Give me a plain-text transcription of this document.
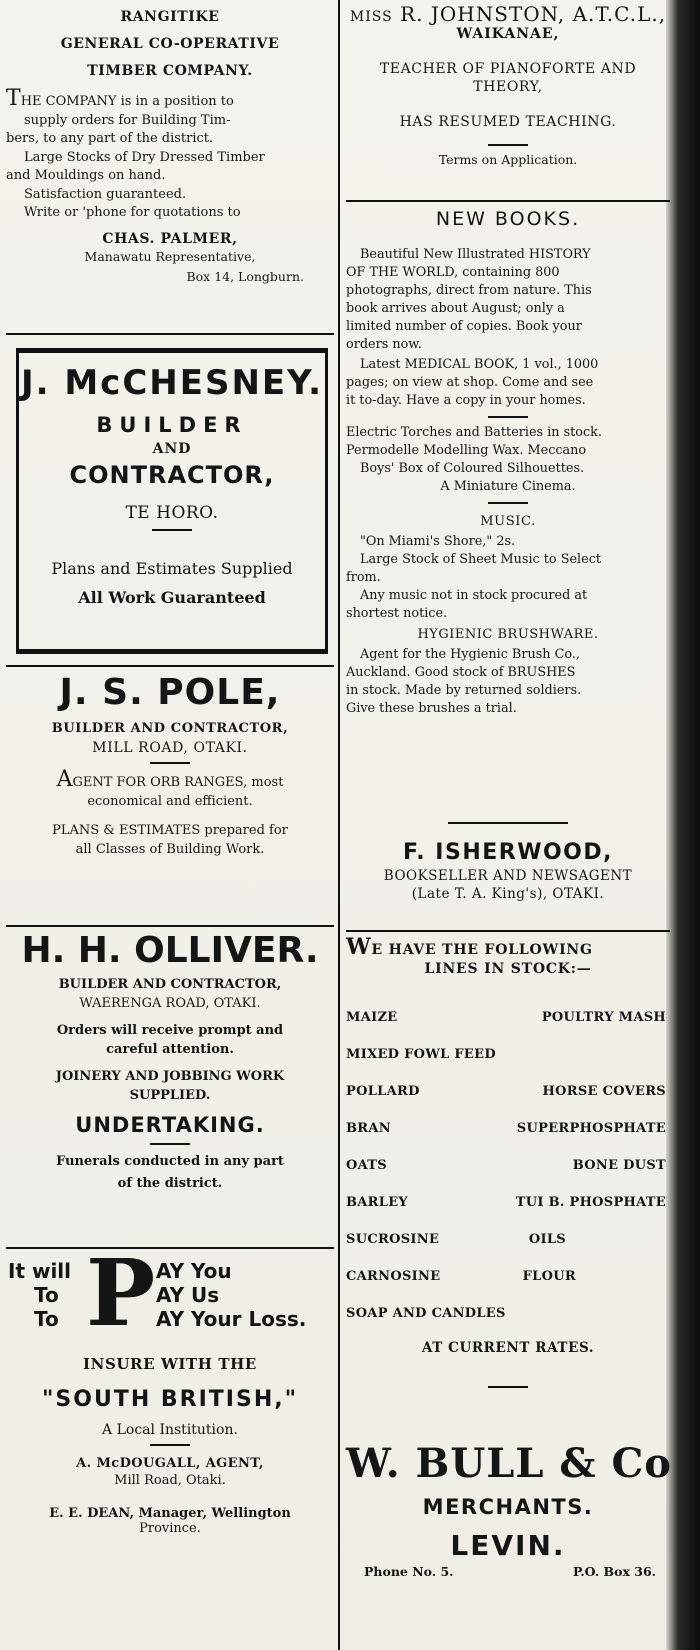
RANGITIKE
GENERAL CO-OPERATIVE
TIMBER COMPANY.
THE COMPANY is in a position to
supply orders for Building Tim-
bers, to any part of the district.
Large Stocks of Dry Dressed Timber
and Mouldings on hand.
Satisfaction guaranteed.
Write or 'phone for quotations to
CHAS. PALMER,
Manawatu Representative,
Box 14, Longburn.
J. McCHESNEY.
BUILDER
AND
CONTRACTOR,
TE HORO.
Plans and Estimates Supplied
All Work Guaranteed
J. S. POLE,
BUILDER AND CONTRACTOR,
MILL ROAD, OTAKI.
AGENT FOR ORB RANGES, most
economical and efficient.
PLANS & ESTIMATES prepared for
all Classes of Building Work.
H. H. OLLIVER.
BUILDER AND CONTRACTOR,
WAERENGA ROAD, OTAKI.
Orders will receive prompt and
careful attention.
JOINERY AND JOBBING WORK
SUPPLIED.
UNDERTAKING.
Funerals conducted in any part
of the district.
It will
To
To P AY You
AY Us
AY Your Loss.
INSURE WITH THE
"SOUTH BRITISH,"
A Local Institution.
A. McDOUGALL, AGENT,
Mill Road, Otaki.
E. E. DEAN, Manager, Wellington
Province.
MISS R. JOHNSTON, A.T.C.L.,
WAIKANAE,
TEACHER OF PIANOFORTE AND
THEORY,
HAS RESUMED TEACHING.
Terms on Application.
NEW BOOKS.
Beautiful New Illustrated HISTORY
OF THE WORLD, containing 800
photographs, direct from nature. This
book arrives about August; only a
limited number of copies. Book your
orders now.
Latest MEDICAL BOOK, 1 vol., 1000
pages; on view at shop. Come and see
it to-day. Have a copy in your homes.
Electric Torches and Batteries in stock.
Permodelle Modelling Wax. Meccano
Boys' Box of Coloured Silhouettes.
A Miniature Cinema.
MUSIC.
"On Miami's Shore," 2s.
Large Stock of Sheet Music to Select
from.
Any music not in stock procured at
shortest notice.
HYGIENIC BRUSHWARE.
Agent for the Hygienic Brush Co.,
Auckland. Good stock of BRUSHES
in stock. Made by returned soldiers.
Give these brushes a trial.
F. ISHERWOOD,
BOOKSELLER AND NEWSAGENT
(Late T. A. King's), OTAKI.
WE HAVE THE FOLLOWING
LINES IN STOCK:—
MAIZE	POULTRY MASH
MIXED FOWL FEED
POLLARD	HORSE COVERS
BRAN	SUPERPHOSPHATE
OATS	BONE DUST
BARLEY	TUI B. PHOSPHATE
SUCROSINE	OILS
CARNOSINE	FLOUR
SOAP AND CANDLES
AT CURRENT RATES.
W. BULL & Co
MERCHANTS.
LEVIN.
Phone No. 5.	P.O. Box 36.
